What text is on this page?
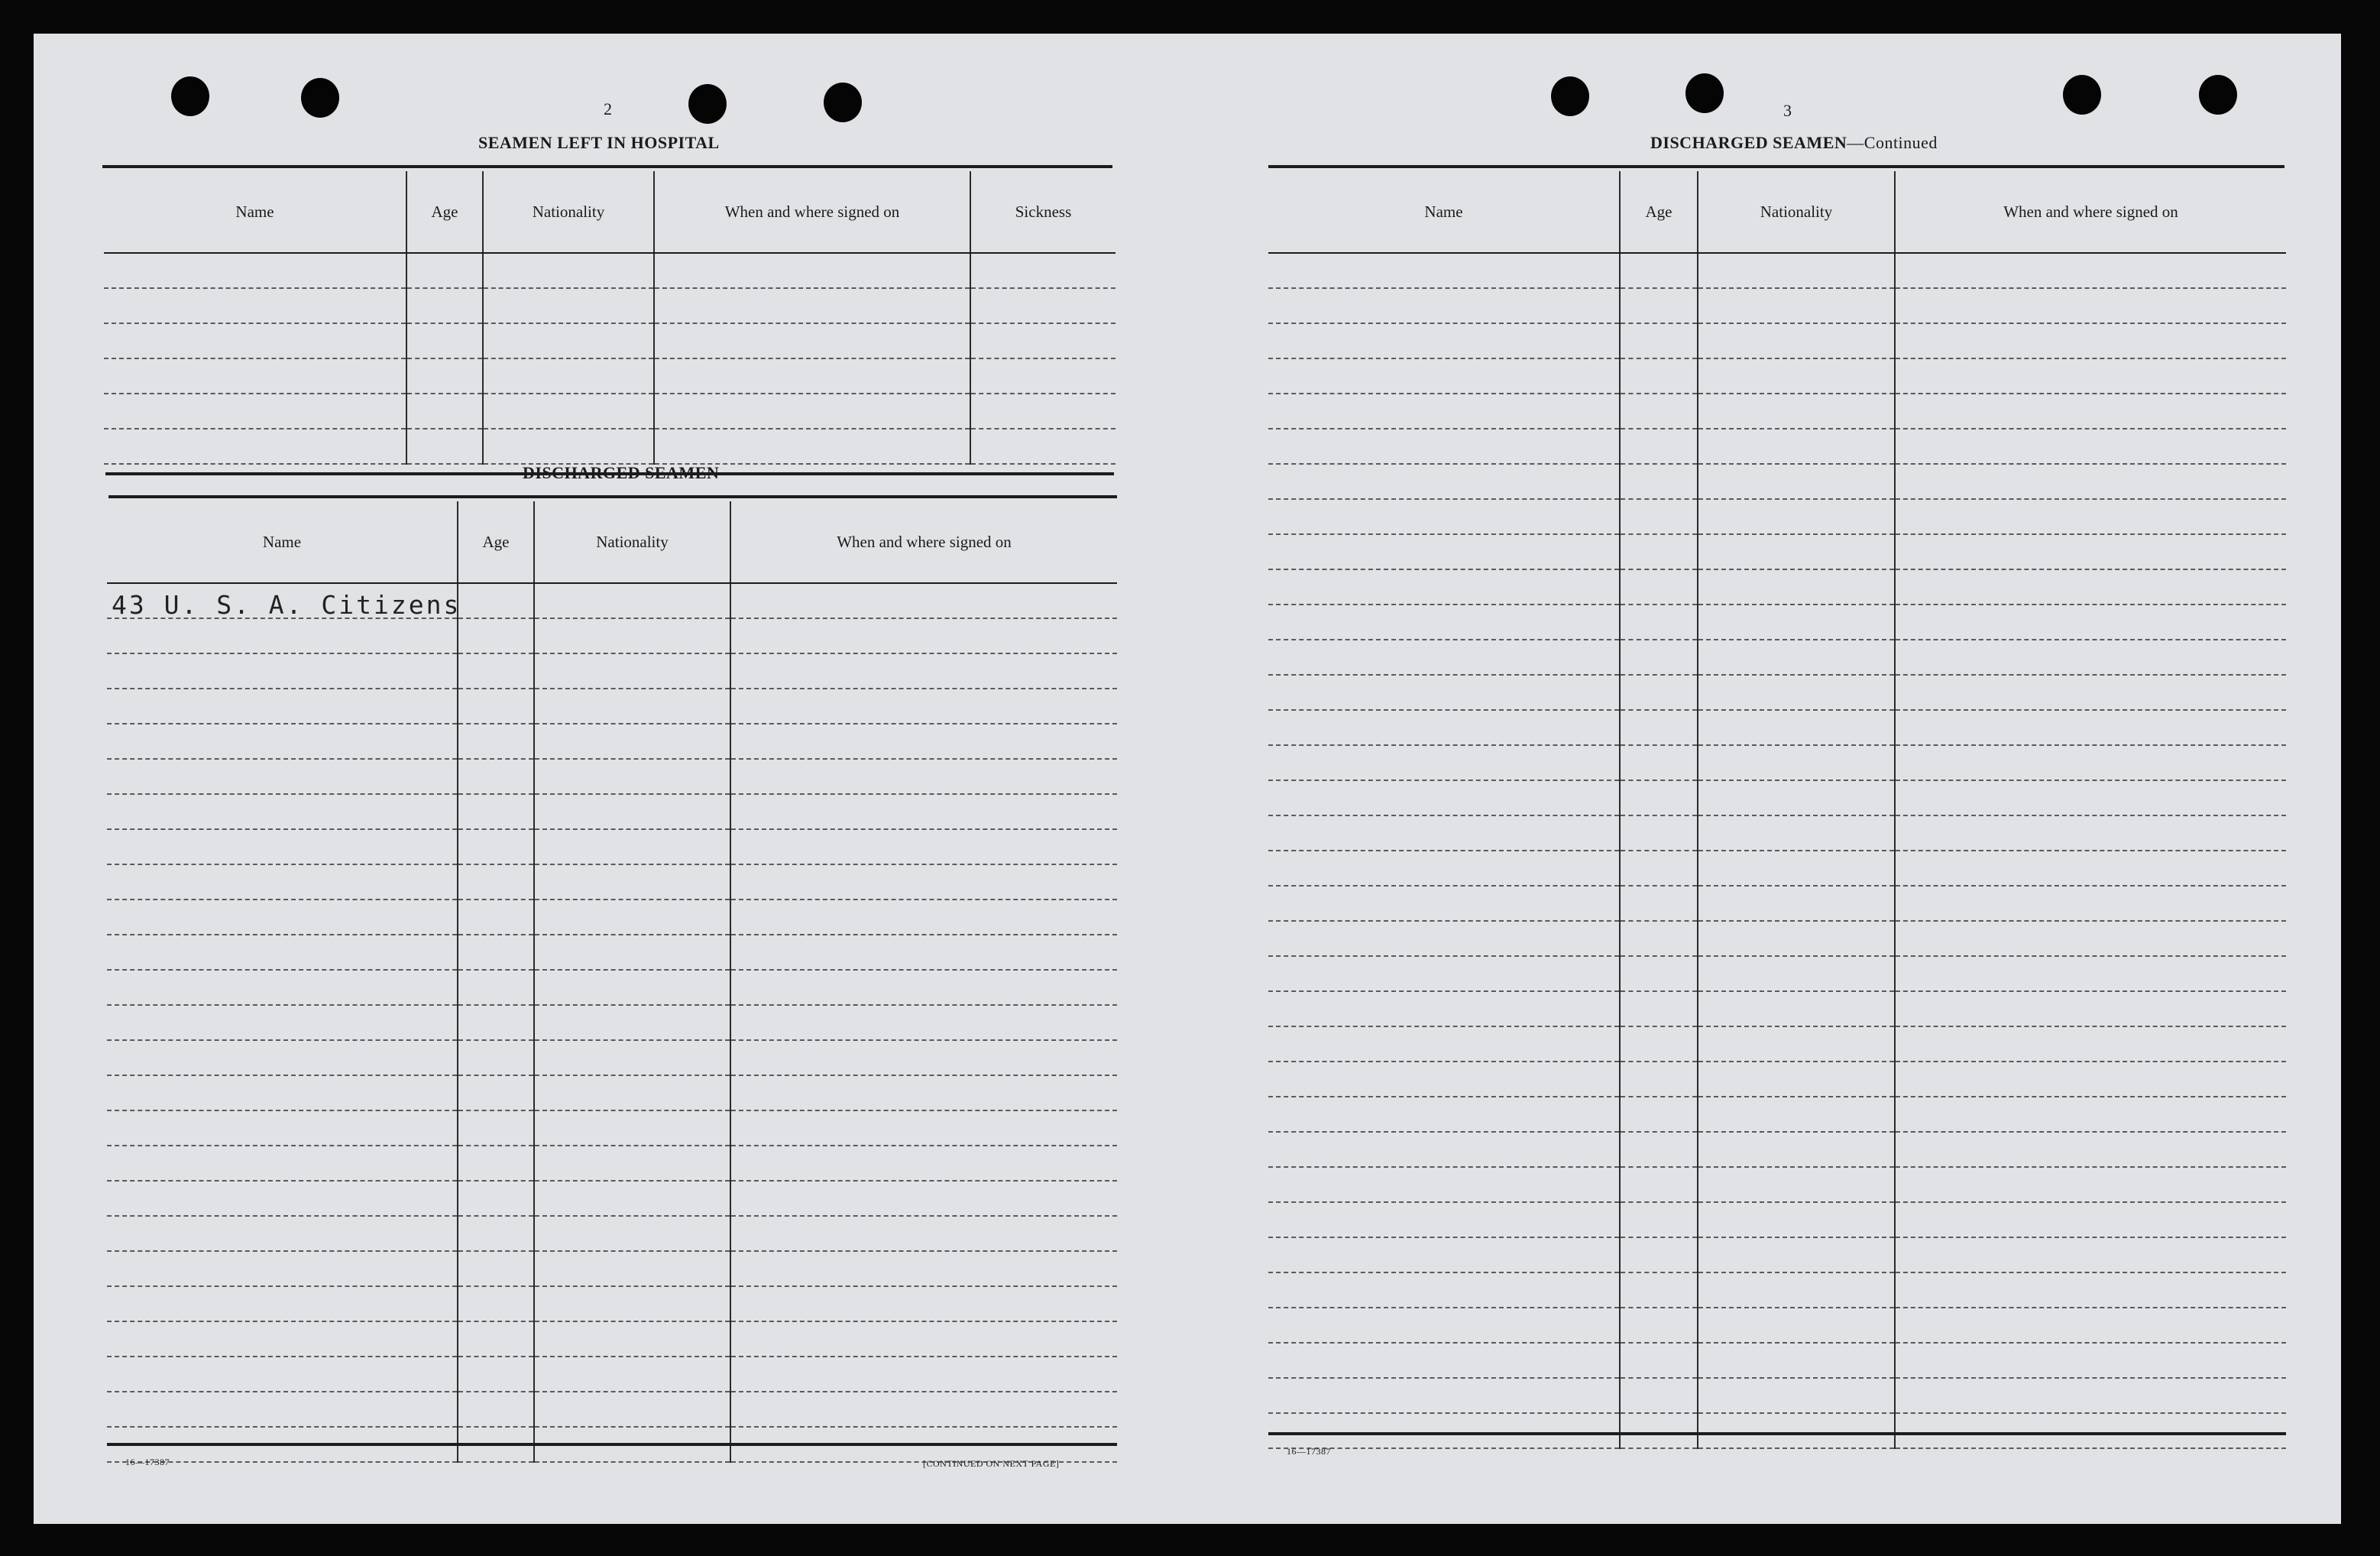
2
SEAMEN LEFT IN HOSPITAL
Name	Age	Nationality	When and where signed on	Sickness

DISCHARGED SEAMEN
Name	Age	Nationality	When and where signed on

43 U. S. A. Citizens
16—17387	[CONTINUED ON NEXT PAGE]
3
DISCHARGED SEAMEN—Continued
Name	Age	Nationality	When and where signed on

16—17387
